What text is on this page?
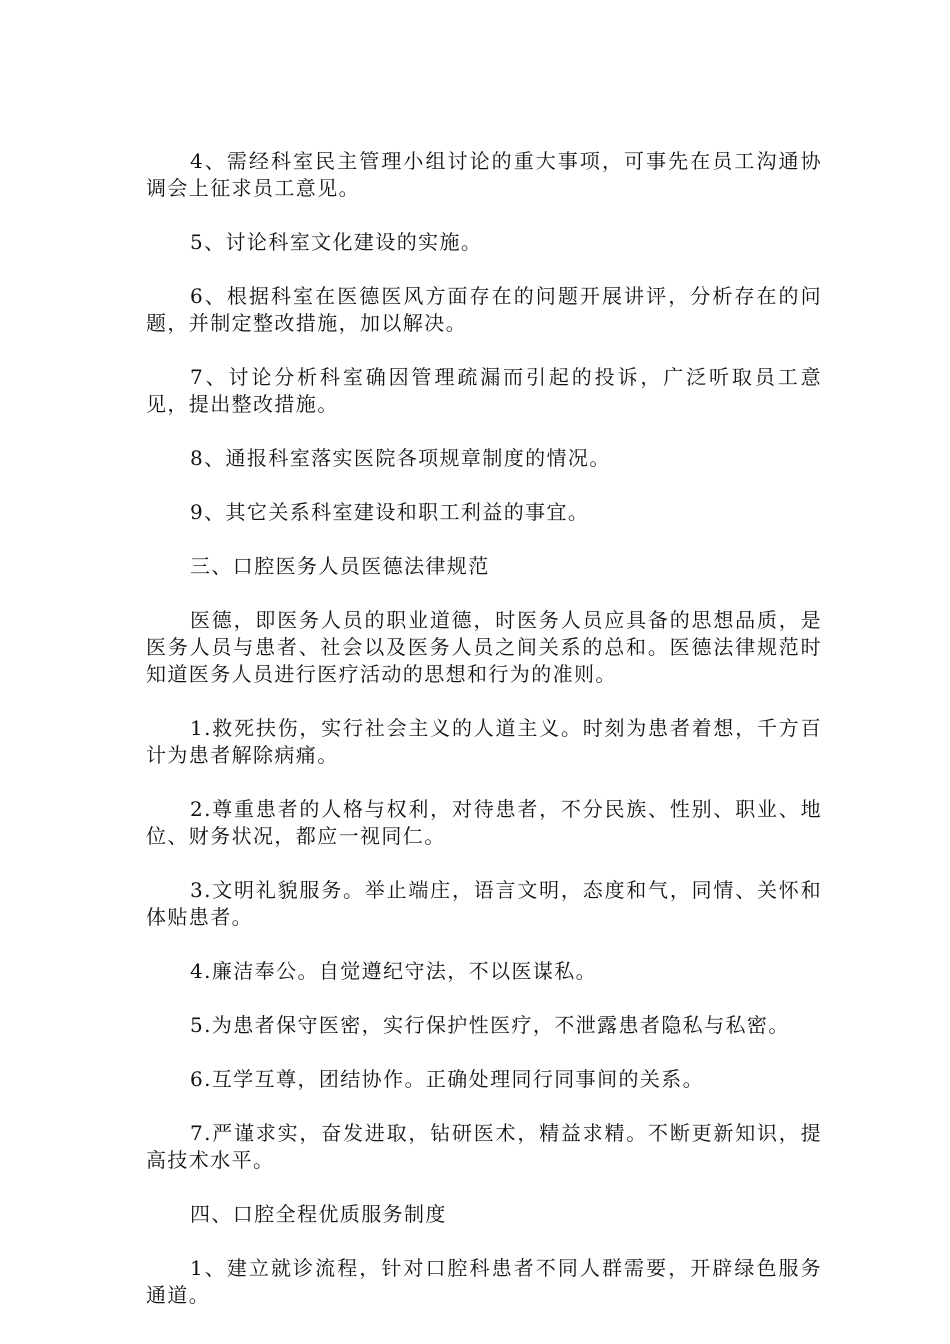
4、需经科室民主管理小组讨论的重大事项，可事先在员工沟通协调会上征求员工意见。

5、讨论科室文化建设的实施。

6、根据科室在医德医风方面存在的问题开展讲评，分析存在的问题，并制定整改措施，加以解决。

7、讨论分析科室确因管理疏漏而引起的投诉，广泛听取员工意见，提出整改措施。

8、通报科室落实医院各项规章制度的情况。

9、其它关系科室建设和职工利益的事宜。

三、口腔医务人员医德法律规范

医德，即医务人员的职业道德，时医务人员应具备的思想品质，是医务人员与患者、社会以及医务人员之间关系的总和。医德法律规范时知道医务人员进行医疗活动的思想和行为的准则。

1.救死扶伤，实行社会主义的人道主义。时刻为患者着想，千方百计为患者解除病痛。

2.尊重患者的人格与权利，对待患者，不分民族、性别、职业、地位、财务状况，都应一视同仁。

3.文明礼貌服务。举止端庄，语言文明，态度和气，同情、关怀和体贴患者。

4.廉洁奉公。自觉遵纪守法，不以医谋私。

5.为患者保守医密，实行保护性医疗，不泄露患者隐私与私密。

6.互学互尊，团结协作。正确处理同行同事间的关系。

7.严谨求实，奋发进取，钻研医术，精益求精。不断更新知识，提高技术水平。

四、口腔全程优质服务制度

1、建立就诊流程，针对口腔科患者不同人群需要，开辟绿色服务通道。
